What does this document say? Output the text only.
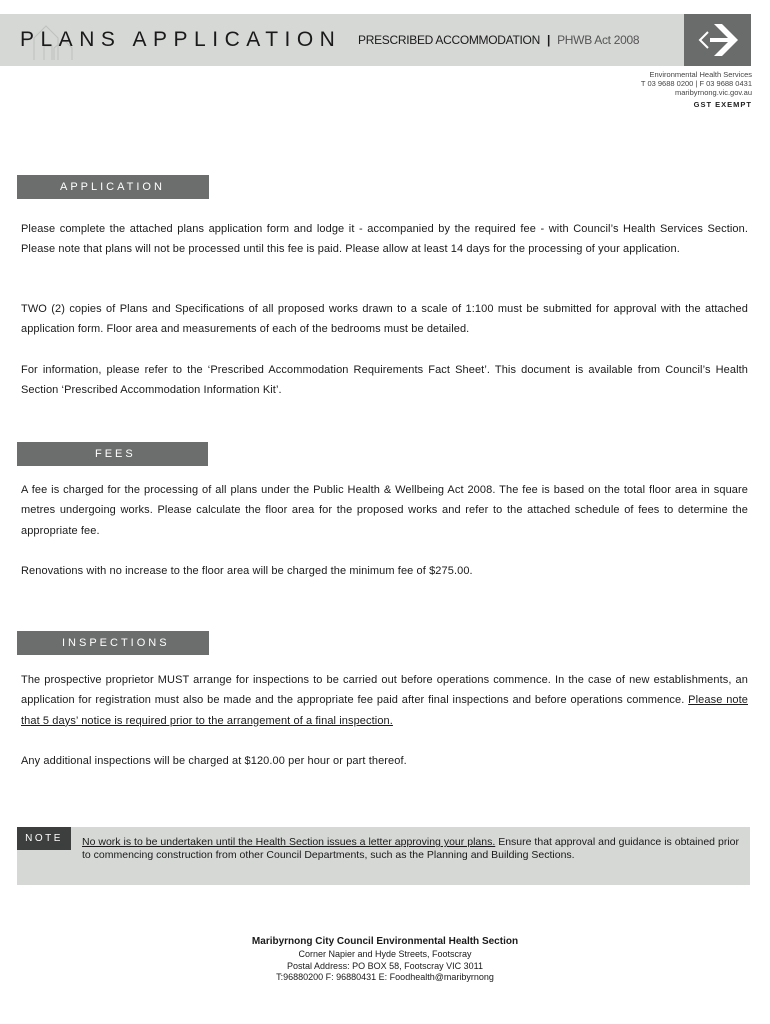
PLANS APPLICATION PRESCRIBED ACCOMMODATION | PHWB Act 2008
Environmental Health Services
T 03 9688 0200 | F 03 9688 0431
maribyrnong.vic.gov.au
GST EXEMPT
APPLICATION
Please complete the attached plans application form and lodge it - accompanied by the required fee - with Council’s Health Services Section. Please note that plans will not be processed until this fee is paid. Please allow at least 14 days for the processing of your application.
TWO (2) copies of Plans and Specifications of all proposed works drawn to a scale of 1:100 must be submitted for approval with the attached application form. Floor area and measurements of each of the bedrooms must be detailed.
For information, please refer to the ‘Prescribed Accommodation Requirements Fact Sheet’. This document is available from Council’s Health Section ‘Prescribed Accommodation Information Kit’.
FEES
A fee is charged for the processing of all plans under the Public Health & Wellbeing Act 2008. The fee is based on the total floor area in square metres undergoing works. Please calculate the floor area for the proposed works and refer to the attached schedule of fees to determine the appropriate fee.
Renovations with no increase to the floor area will be charged the minimum fee of $275.00.
INSPECTIONS
The prospective proprietor MUST arrange for inspections to be carried out before operations commence. In the case of new establishments, an application for registration must also be made and the appropriate fee paid after final inspections and before operations commence. Please note that 5 days’ notice is required prior to the arrangement of a final inspection.
Any additional inspections will be charged at $120.00 per hour or part thereof.
NOTE	No work is to be undertaken until the Health Section issues a letter approving your plans. Ensure that approval and guidance is obtained prior to commencing construction from other Council Departments, such as the Planning and Building Sections.
Maribyrnong City Council Environmental Health Section
Corner Napier and Hyde Streets, Footscray
Postal Address: PO BOX 58, Footscray VIC 3011
T:96880200 F: 96880431 E: Foodhealth@maribyrnong
